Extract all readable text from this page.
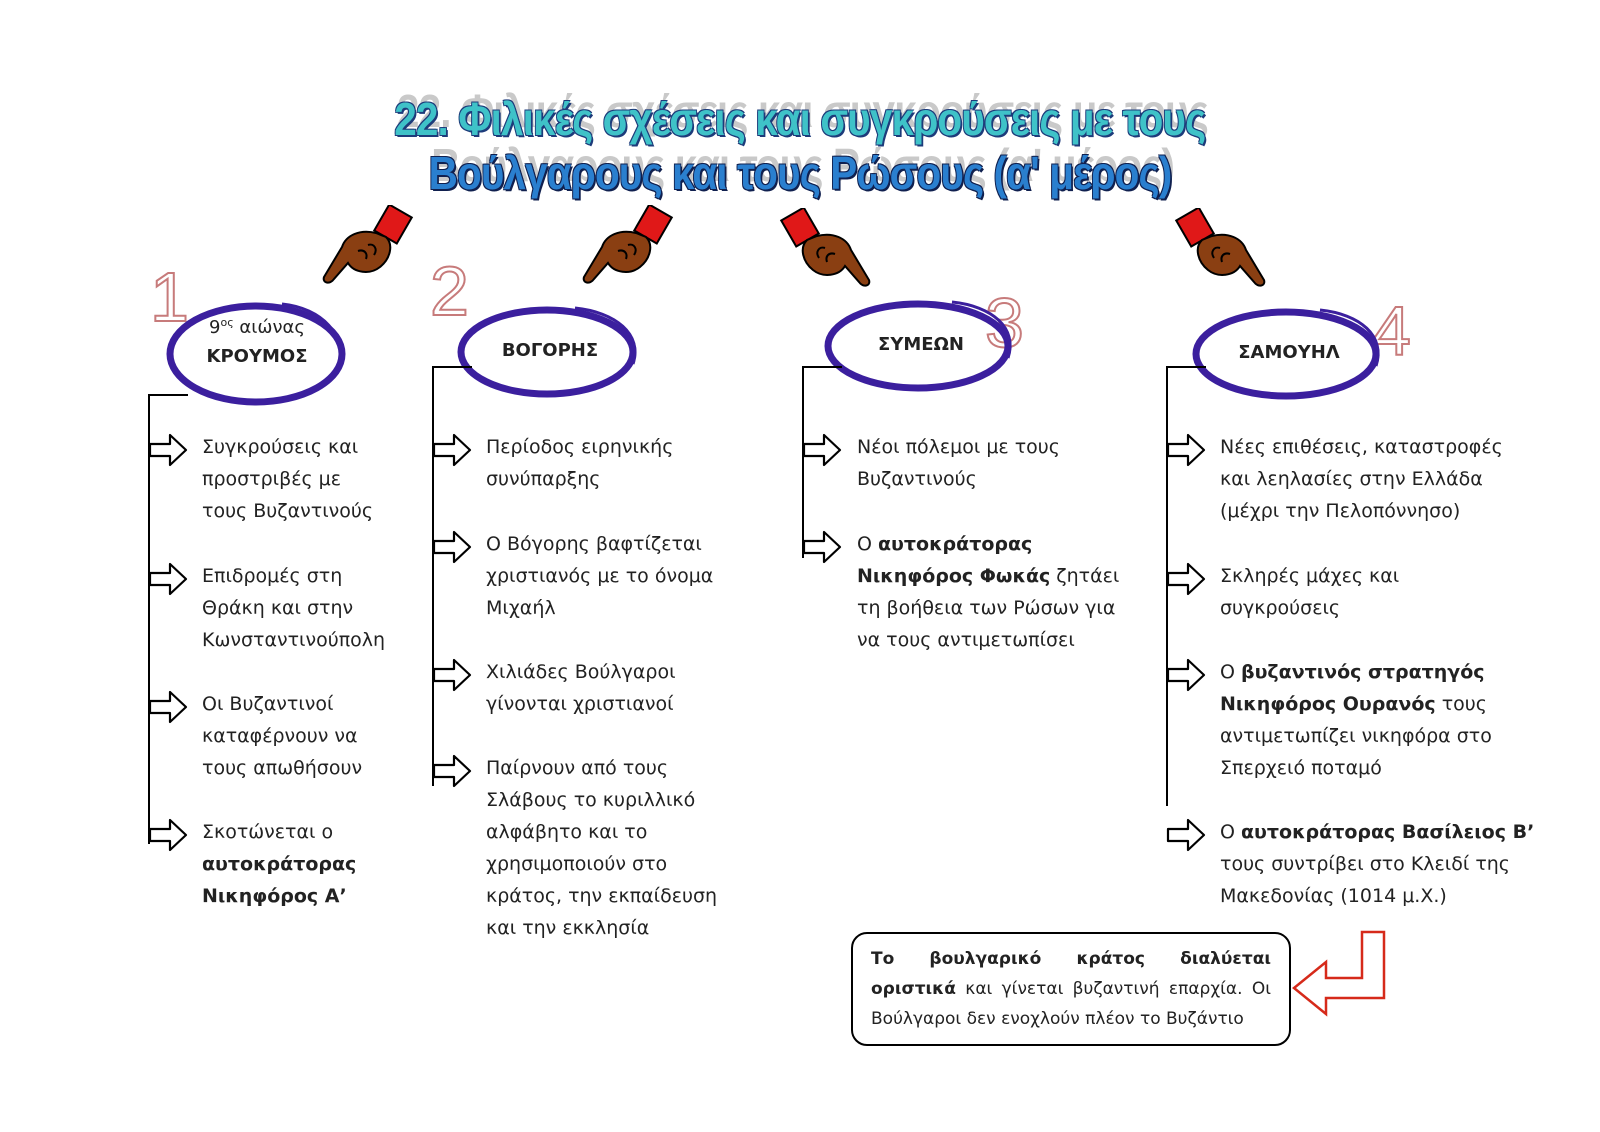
22. Φιλικές σχέσεις και συγκρούσεις με τους
Βούλγαρους και τους Ρώσους (α' μέρος)
1	2	3	4
$9^{o\varsigma}$ αιώνας
ΚΡΟΥΜΟΣ	ΒΟΓΟΡΗΣ	ΣΥΜΕΩΝ	ΣΑΜΟΥΗΛ
Συγκρούσεις και
προστριβές με
τους Βυζαντινούς
Επιδρομές στη
Θράκη και στην
Κωνσταντινούπολη
Οι Βυζαντινοί
καταφέρνουν να
τους απωθήσουν
Σκοτώνεται ο
αυτοκράτορας
Νικηφόρος Α’
Περίοδος ειρηνικής
συνύπαρξης
Ο Βόγορης βαφτίζεται
χριστιανός με το όνομα
Μιχαήλ
Χιλιάδες Βούλγαροι
γίνονται χριστιανοί
Παίρνουν από τους
Σλάβους το κυριλλικό
αλφάβητο και το
χρησιμοποιούν στο
κράτος, την εκπαίδευση
και την εκκλησία
Νέοι πόλεμοι με τους
Βυζαντινούς
Ο αυτοκράτορας
Νικηφόρος Φωκάς ζητάει
τη βοήθεια των Ρώσων για
να τους αντιμετωπίσει
Νέες επιθέσεις, καταστροφές
και λεηλασίες στην Ελλάδα
(μέχρι την Πελοπόννησο)
Σκληρές μάχες και
συγκρούσεις
Ο βυζαντινός στρατηγός
Νικηφόρος Ουρανός τους
αντιμετωπίζει νικηφόρα στο
Σπερχειό ποταμό
Ο αυτοκράτορας Βασίλειος Β’
τους συντρίβει στο Κλειδί της
Μακεδονίας (1014 μ.Χ.)
Το βουλγαρικό κράτος διαλύεται οριστικά και γίνεται βυζαντινή επαρχία. Οι Βούλγαροι δεν ενοχλούν πλέον το Βυζάντιο
